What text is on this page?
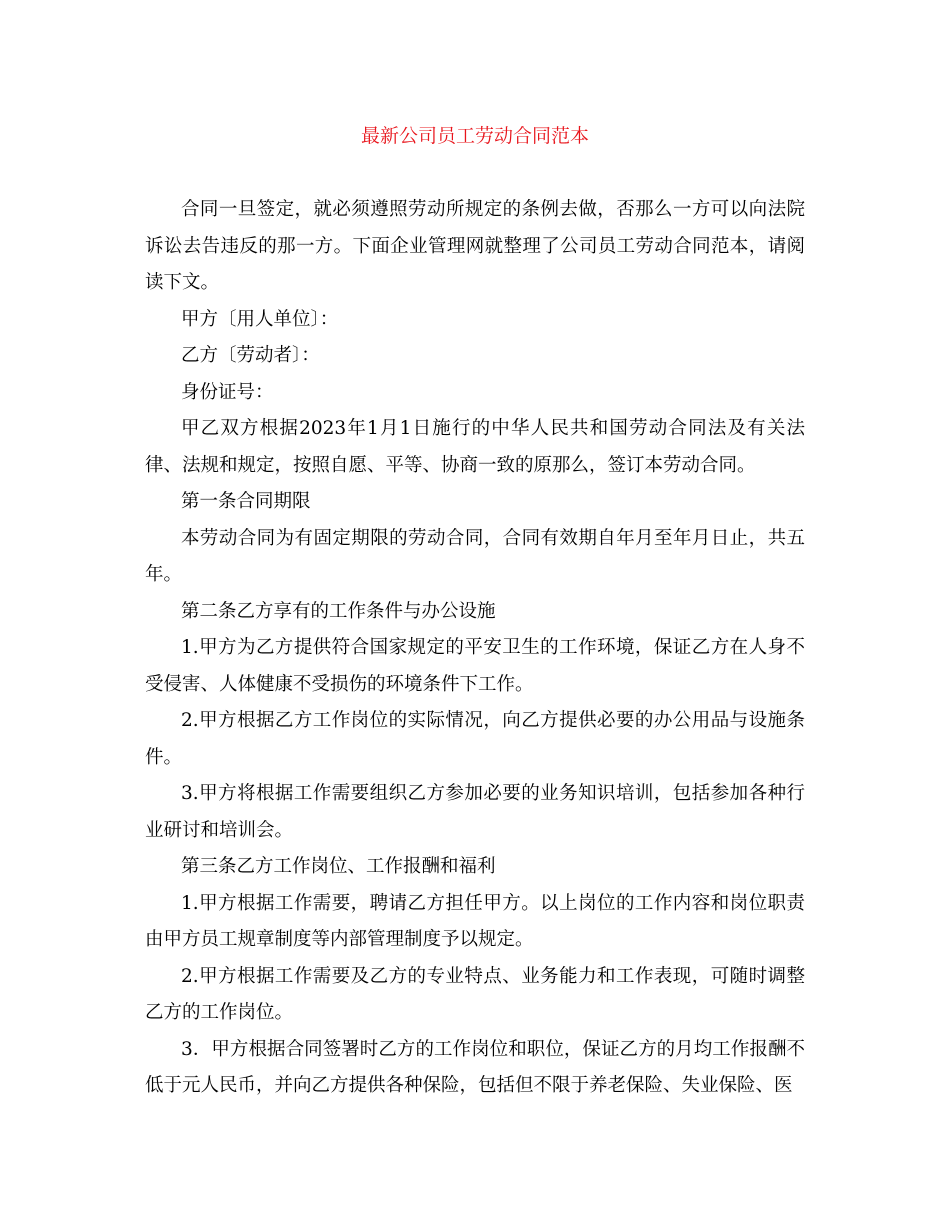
最新公司员工劳动合同范本

合同一旦签定，就必须遵照劳动所规定的条例去做，否那么一方可以向法院诉讼去告违反的那一方。下面企业管理网就整理了公司员工劳动合同范本，请阅读下文。

甲方〔用人单位〕：

乙方〔劳动者〕：

身份证号：

甲乙双方根据2023年1月1日施行的中华人民共和国劳动合同法及有关法律、法规和规定，按照自愿、平等、协商一致的原那么，签订本劳动合同。

第一条合同期限

本劳动合同为有固定期限的劳动合同，合同有效期自年月至年月日止，共五年。

第二条乙方享有的工作条件与办公设施

1.甲方为乙方提供符合国家规定的平安卫生的工作环境，保证乙方在人身不受侵害、人体健康不受损伤的环境条件下工作。

2.甲方根据乙方工作岗位的实际情况，向乙方提供必要的办公用品与设施条件。

3.甲方将根据工作需要组织乙方参加必要的业务知识培训，包括参加各种行业研讨和培训会。

第三条乙方工作岗位、工作报酬和福利

1.甲方根据工作需要，聘请乙方担任甲方。以上岗位的工作内容和岗位职责由甲方员工规章制度等内部管理制度予以规定。

2.甲方根据工作需要及乙方的专业特点、业务能力和工作表现，可随时调整乙方的工作岗位。

3．甲方根据合同签署时乙方的工作岗位和职位，保证乙方的月均工作报酬不低于元人民币，并向乙方提供各种保险，包括但不限于养老保险、失业保险、医
